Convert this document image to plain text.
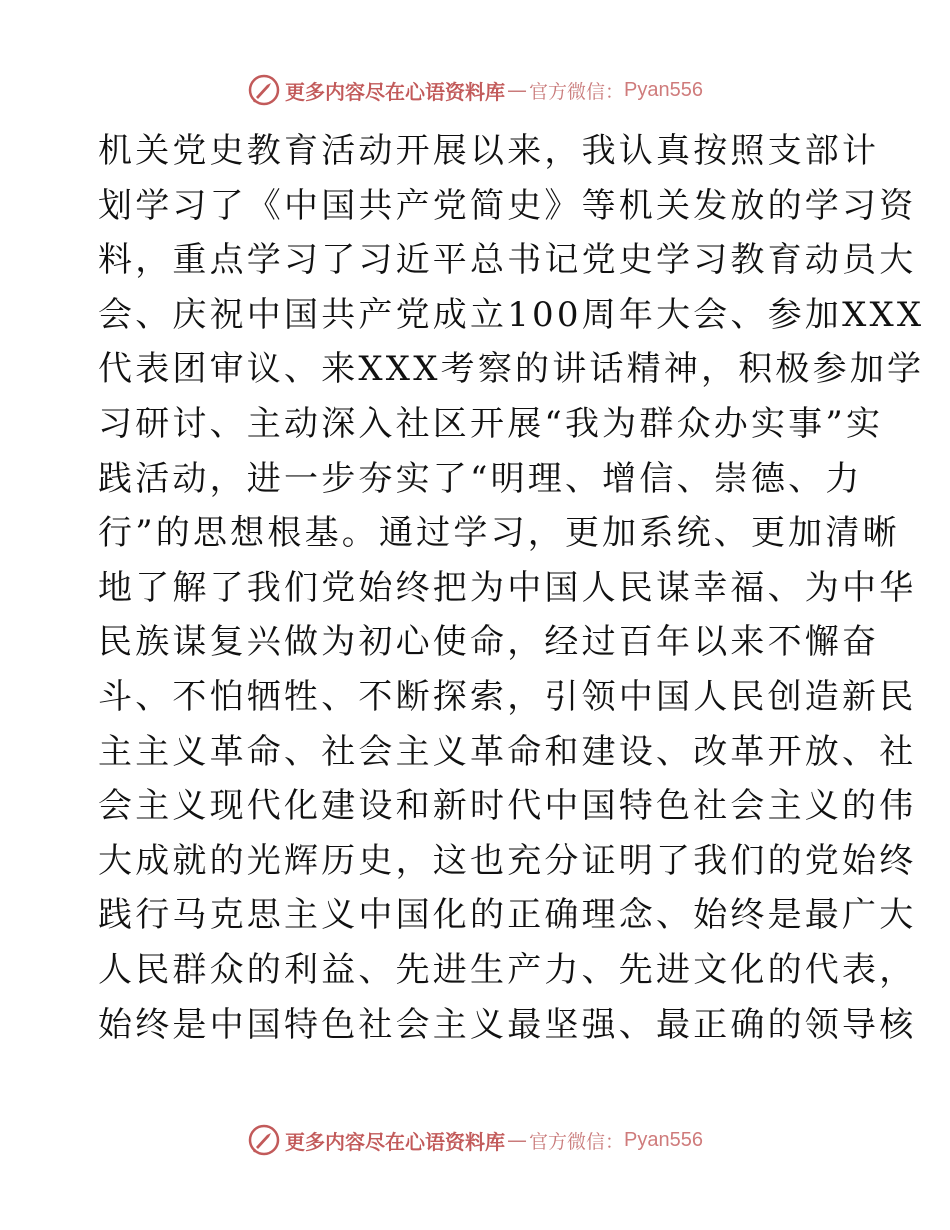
更多内容尽在心语资料库 — 官方微信： Pyan556
机关党史教育活动开展以来，我认真按照支部计
划学习了《中国共产党简史》等机关发放的学习资
料，重点学习了习近平总书记党史学习教育动员大
会、庆祝中国共产党成立100周年大会、参加XXX
代表团审议、来XXX考察的讲话精神，积极参加学
习研讨、主动深入社区开展“我为群众办实事”实
践活动，进一步夯实了“明理、增信、崇德、力
行”的思想根基。通过学习，更加系统、更加清晰
地了解了我们党始终把为中国人民谋幸福、为中华
民族谋复兴做为初心使命，经过百年以来不懈奋
斗、不怕牺牲、不断探索，引领中国人民创造新民
主主义革命、社会主义革命和建设、改革开放、社
会主义现代化建设和新时代中国特色社会主义的伟
大成就的光辉历史，这也充分证明了我们的党始终
践行马克思主义中国化的正确理念、始终是最广大
人民群众的利益、先进生产力、先进文化的代表，
始终是中国特色社会主义最坚强、最正确的领导核
更多内容尽在心语资料库 — 官方微信： Pyan556
